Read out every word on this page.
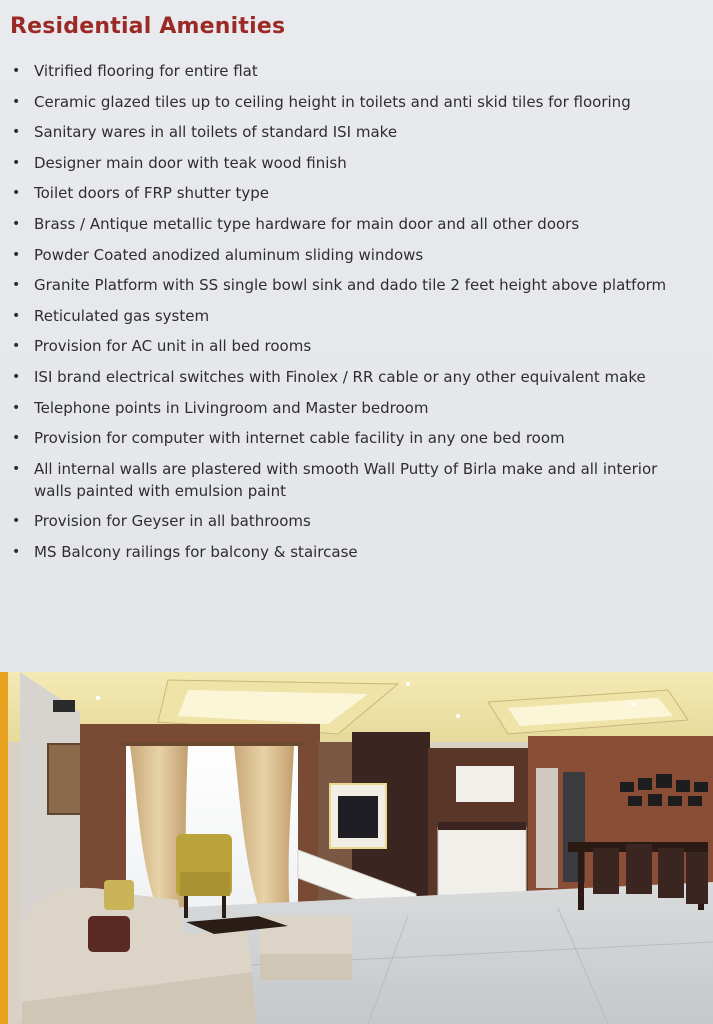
Residential Amenities
• Vitrified flooring for entire flat
• Ceramic glazed tiles up to ceiling height in toilets and anti skid tiles for flooring
• Sanitary wares in all toilets of standard ISI make
• Designer main door with teak wood finish
• Toilet doors of FRP shutter type
• Brass / Antique metallic type hardware for main door and all other doors
• Powder Coated anodized aluminum sliding windows
• Granite Platform with SS single bowl sink and dado tile 2 feet height above platform
• Reticulated gas system
• Provision for AC unit in all bed rooms
• ISI brand electrical switches with Finolex / RR cable or any other equivalent make
• Telephone points in Livingroom and Master bedroom
• Provision for computer with internet cable facility in any one bed room
• All internal walls are plastered with smooth Wall Putty of Birla make and all interior
walls painted with emulsion paint
• Provision for Geyser in all bathrooms
• MS Balcony railings for balcony & staircase
